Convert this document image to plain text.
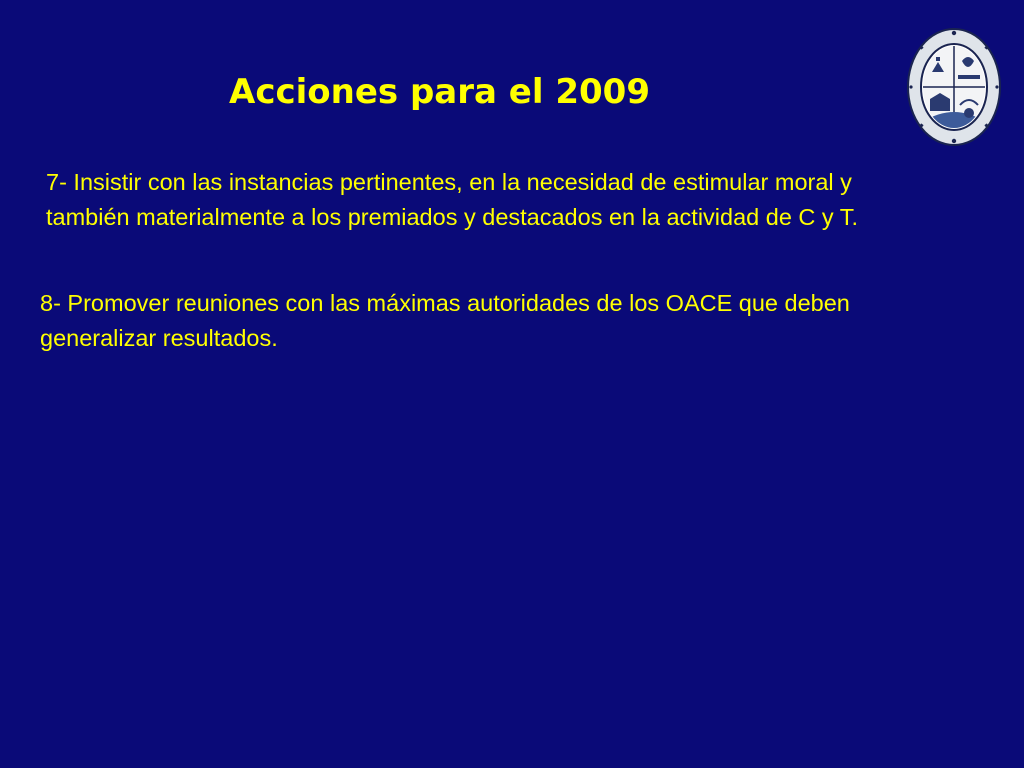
Acciones para el 2009
7- Insistir con las instancias pertinentes, en la necesidad de estimular moral y también materialmente a los premiados y destacados en la actividad de C y T.
8- Promover reuniones con las máximas autoridades de los OACE que deben generalizar resultados.
